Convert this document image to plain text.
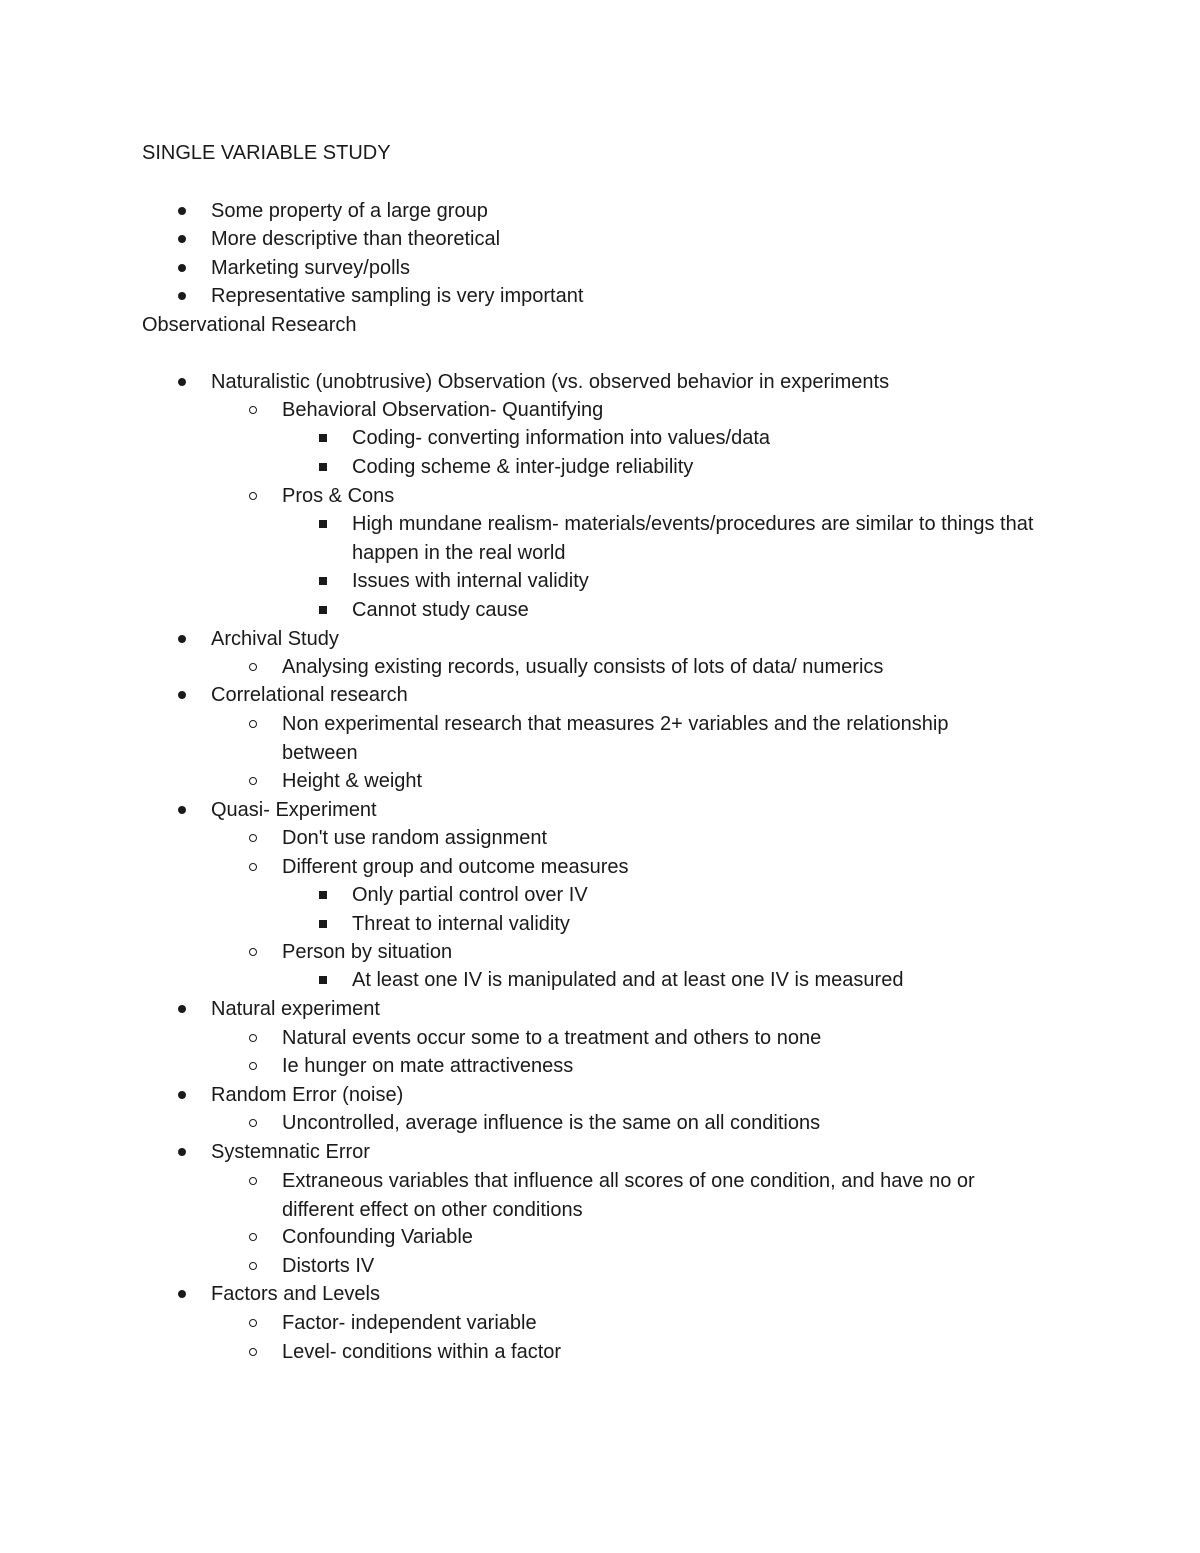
SINGLE VARIABLE STUDY
Some property of a large group
More descriptive than theoretical
Marketing survey/polls
Representative sampling is very important
Observational Research
Naturalistic (unobtrusive) Observation (vs. observed behavior in experiments
Behavioral Observation- Quantifying
Coding- converting information into values/data
Coding scheme & inter-judge reliability
Pros & Cons
High mundane realism- materials/events/procedures are similar to things that happen in the real world
Issues with internal validity
Cannot study cause
Archival Study
Analysing existing records, usually consists of lots of data/ numerics
Correlational research
Non experimental research that measures 2+ variables and the relationship between
Height & weight
Quasi- Experiment
Don't use random assignment
Different group and outcome measures
Only partial control over IV
Threat to internal validity
Person by situation
At least one IV is manipulated and at least one IV is measured
Natural experiment
Natural events occur some to a treatment and others to none
Ie hunger on mate attractiveness
Random Error (noise)
Uncontrolled, average influence is the same on all conditions
Systemnatic Error
Extraneous variables that influence all scores of one condition, and have no or different effect on other conditions
Confounding Variable
Distorts IV
Factors and Levels
Factor- independent variable
Level- conditions within a factor
